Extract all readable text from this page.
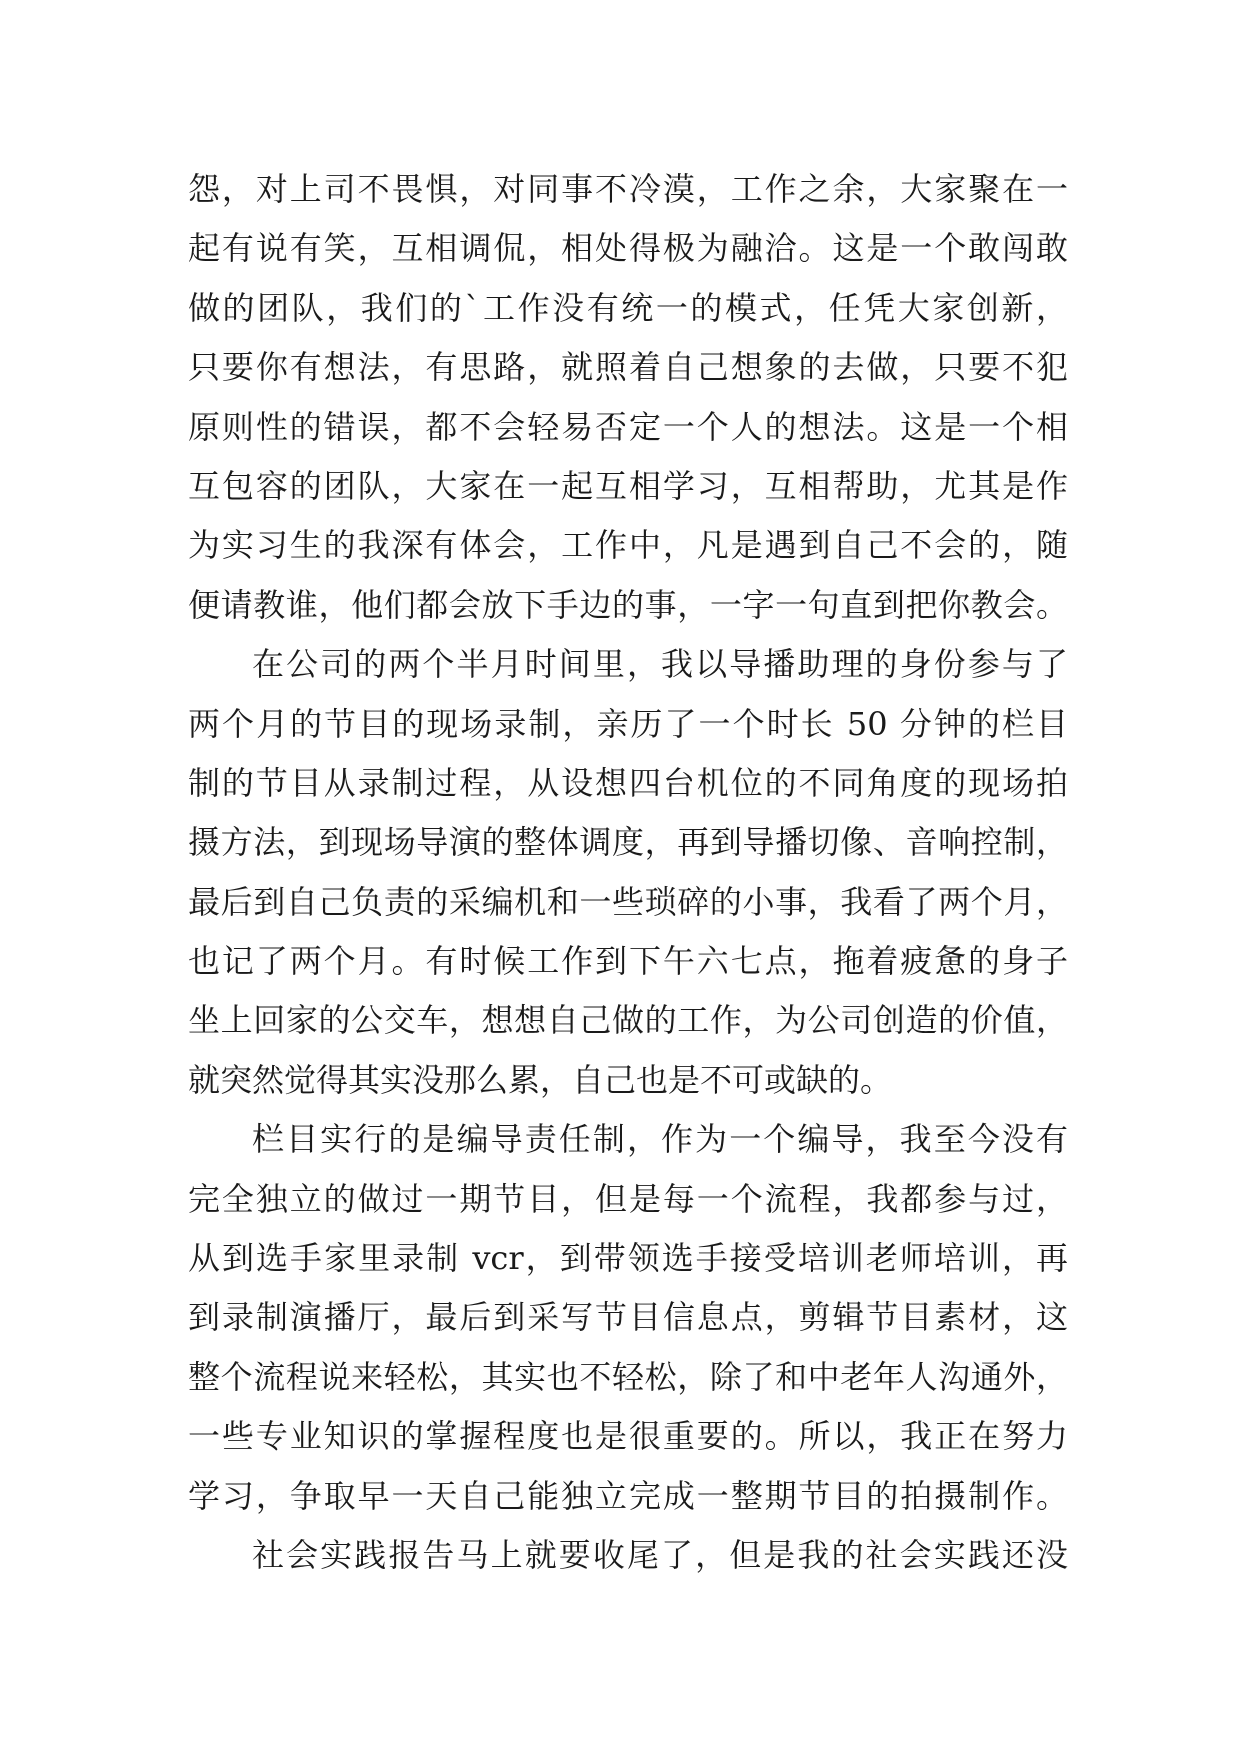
怨，对上司不畏惧，对同事不冷漠，工作之余，大家聚在一
起有说有笑，互相调侃，相处得极为融洽。这是一个敢闯敢
做的团队，我们的`工作没有统一的模式，任凭大家创新，
只要你有想法，有思路，就照着自己想象的去做，只要不犯
原则性的错误，都不会轻易否定一个人的想法。这是一个相
互包容的团队，大家在一起互相学习，互相帮助，尤其是作
为实习生的我深有体会，工作中，凡是遇到自己不会的，随
便请教谁，他们都会放下手边的事，一字一句直到把你教会。
在公司的两个半月时间里，我以导播助理的身份参与了
两个月的节目的现场录制，亲历了一个时长 50 分钟的栏目
制的节目从录制过程，从设想四台机位的不同角度的现场拍
摄方法，到现场导演的整体调度，再到导播切像、音响控制，
最后到自己负责的采编机和一些琐碎的小事，我看了两个月，
也记了两个月。有时候工作到下午六七点，拖着疲惫的身子
坐上回家的公交车，想想自己做的工作，为公司创造的价值，
就突然觉得其实没那么累，自己也是不可或缺的。
栏目实行的是编导责任制，作为一个编导，我至今没有
完全独立的做过一期节目，但是每一个流程，我都参与过，
从到选手家里录制 vcr，到带领选手接受培训老师培训，再
到录制演播厅，最后到采写节目信息点，剪辑节目素材，这
整个流程说来轻松，其实也不轻松，除了和中老年人沟通外，
一些专业知识的掌握程度也是很重要的。所以，我正在努力
学习，争取早一天自己能独立完成一整期节目的拍摄制作。
社会实践报告马上就要收尾了，但是我的社会实践还没
